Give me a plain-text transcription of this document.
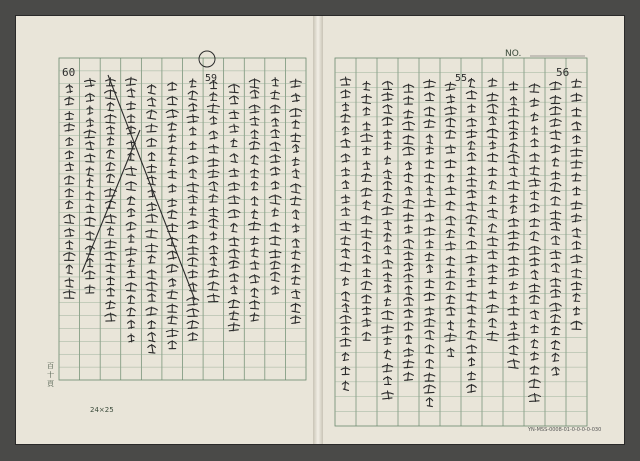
NO.
60	59	56
55
百十頁
24×25
YN-MSS-0008-01-0-0-0-0-030
